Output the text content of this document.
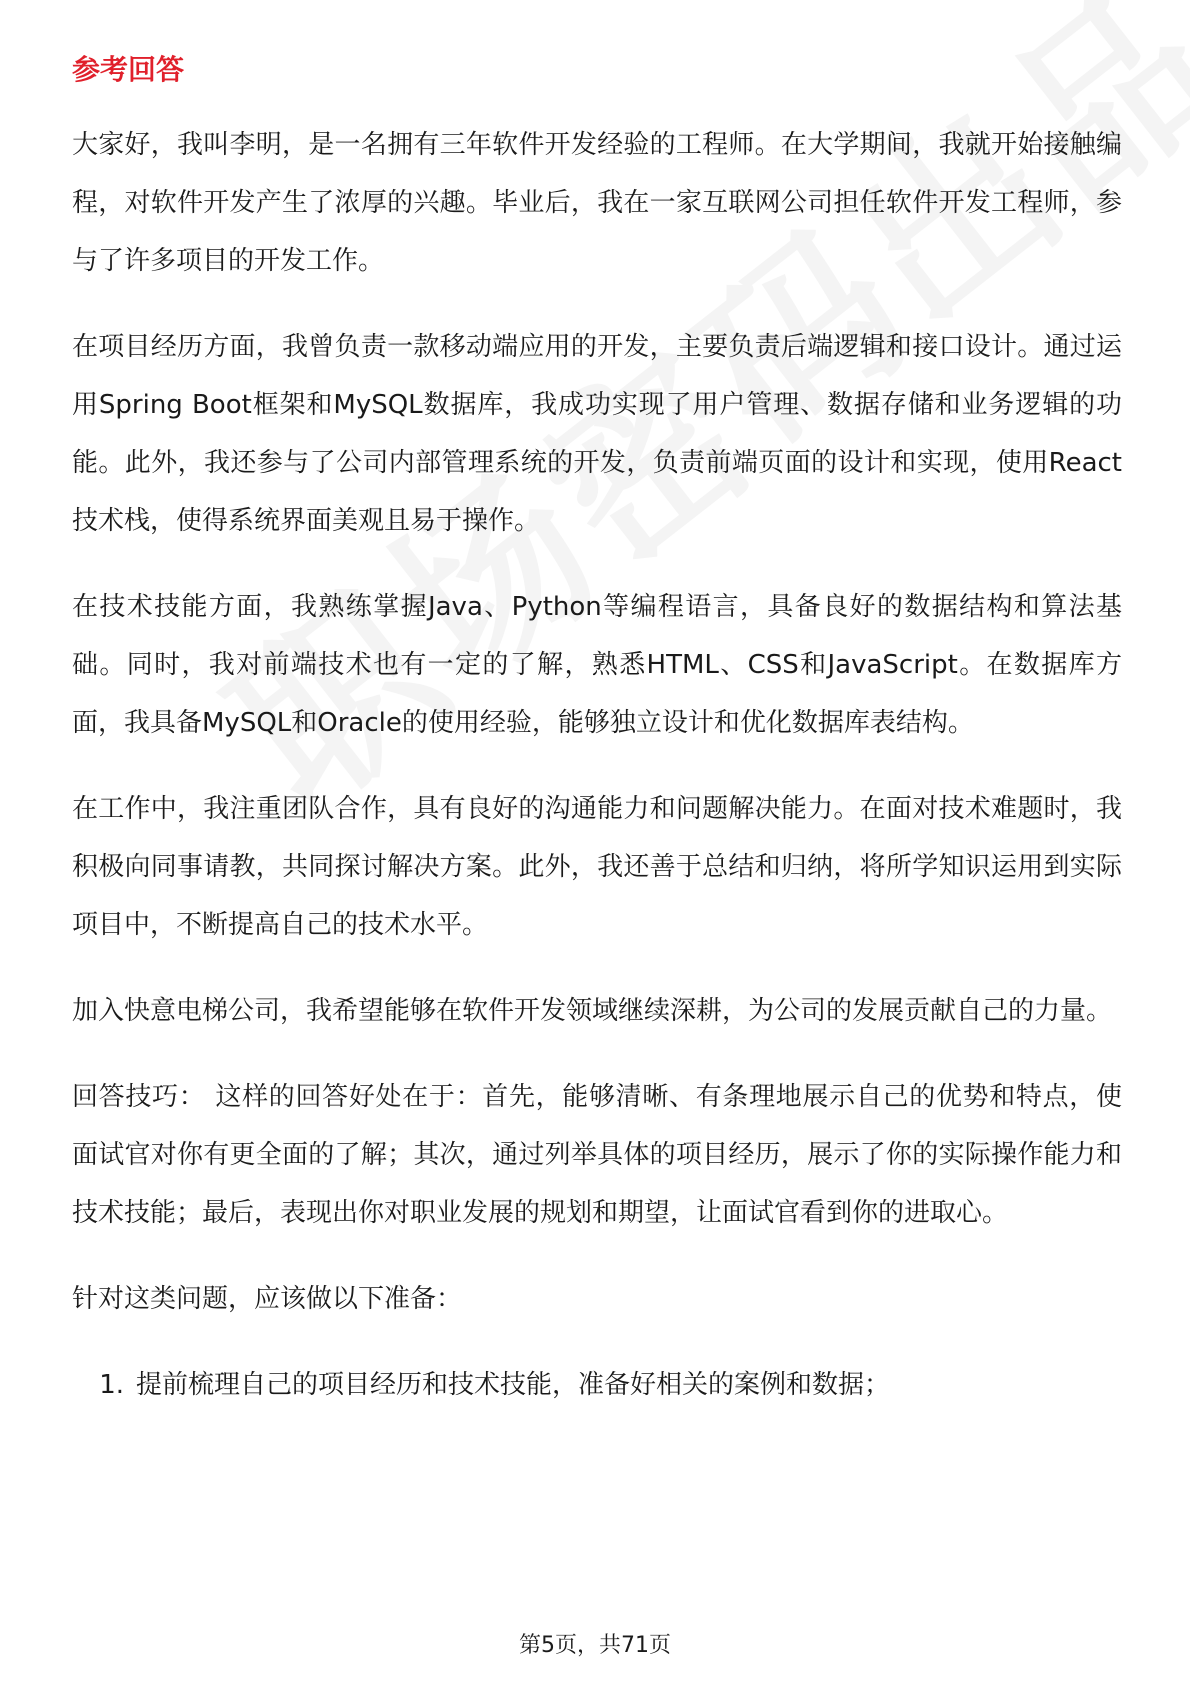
参考回答

大家好，我叫李明，是一名拥有三年软件开发经验的工程师。在大学期间，我就开始接触编程，对软件开发产生了浓厚的兴趣。毕业后，我在一家互联网公司担任软件开发工程师，参与了许多项目的开发工作。

在项目经历方面，我曾负责一款移动端应用的开发，主要负责后端逻辑和接口设计。通过运用Spring Boot框架和MySQL数据库，我成功实现了用户管理、数据存储和业务逻辑的功能。此外，我还参与了公司内部管理系统的开发，负责前端页面的设计和实现，使用React技术栈，使得系统界面美观且易于操作。

在技术技能方面，我熟练掌握Java、Python等编程语言，具备良好的数据结构和算法基础。同时，我对前端技术也有一定的了解，熟悉HTML、CSS和JavaScript。在数据库方面，我具备MySQL和Oracle的使用经验，能够独立设计和优化数据库表结构。

在工作中，我注重团队合作，具有良好的沟通能力和问题解决能力。在面对技术难题时，我积极向同事请教，共同探讨解决方案。此外，我还善于总结和归纳，将所学知识运用到实际项目中，不断提高自己的技术水平。

加入快意电梯公司，我希望能够在软件开发领域继续深耕，为公司的发展贡献自己的力量。

回答技巧： 这样的回答好处在于：首先，能够清晰、有条理地展示自己的优势和特点，使面试官对你有更全面的了解；其次，通过列举具体的项目经历，展示了你的实际操作能力和技术技能；最后，表现出你对职业发展的规划和期望，让面试官看到你的进取心。

针对这类问题，应该做以下准备：

1. 提前梳理自己的项目经历和技术技能，准备好相关的案例和数据；
第5页，共71页
